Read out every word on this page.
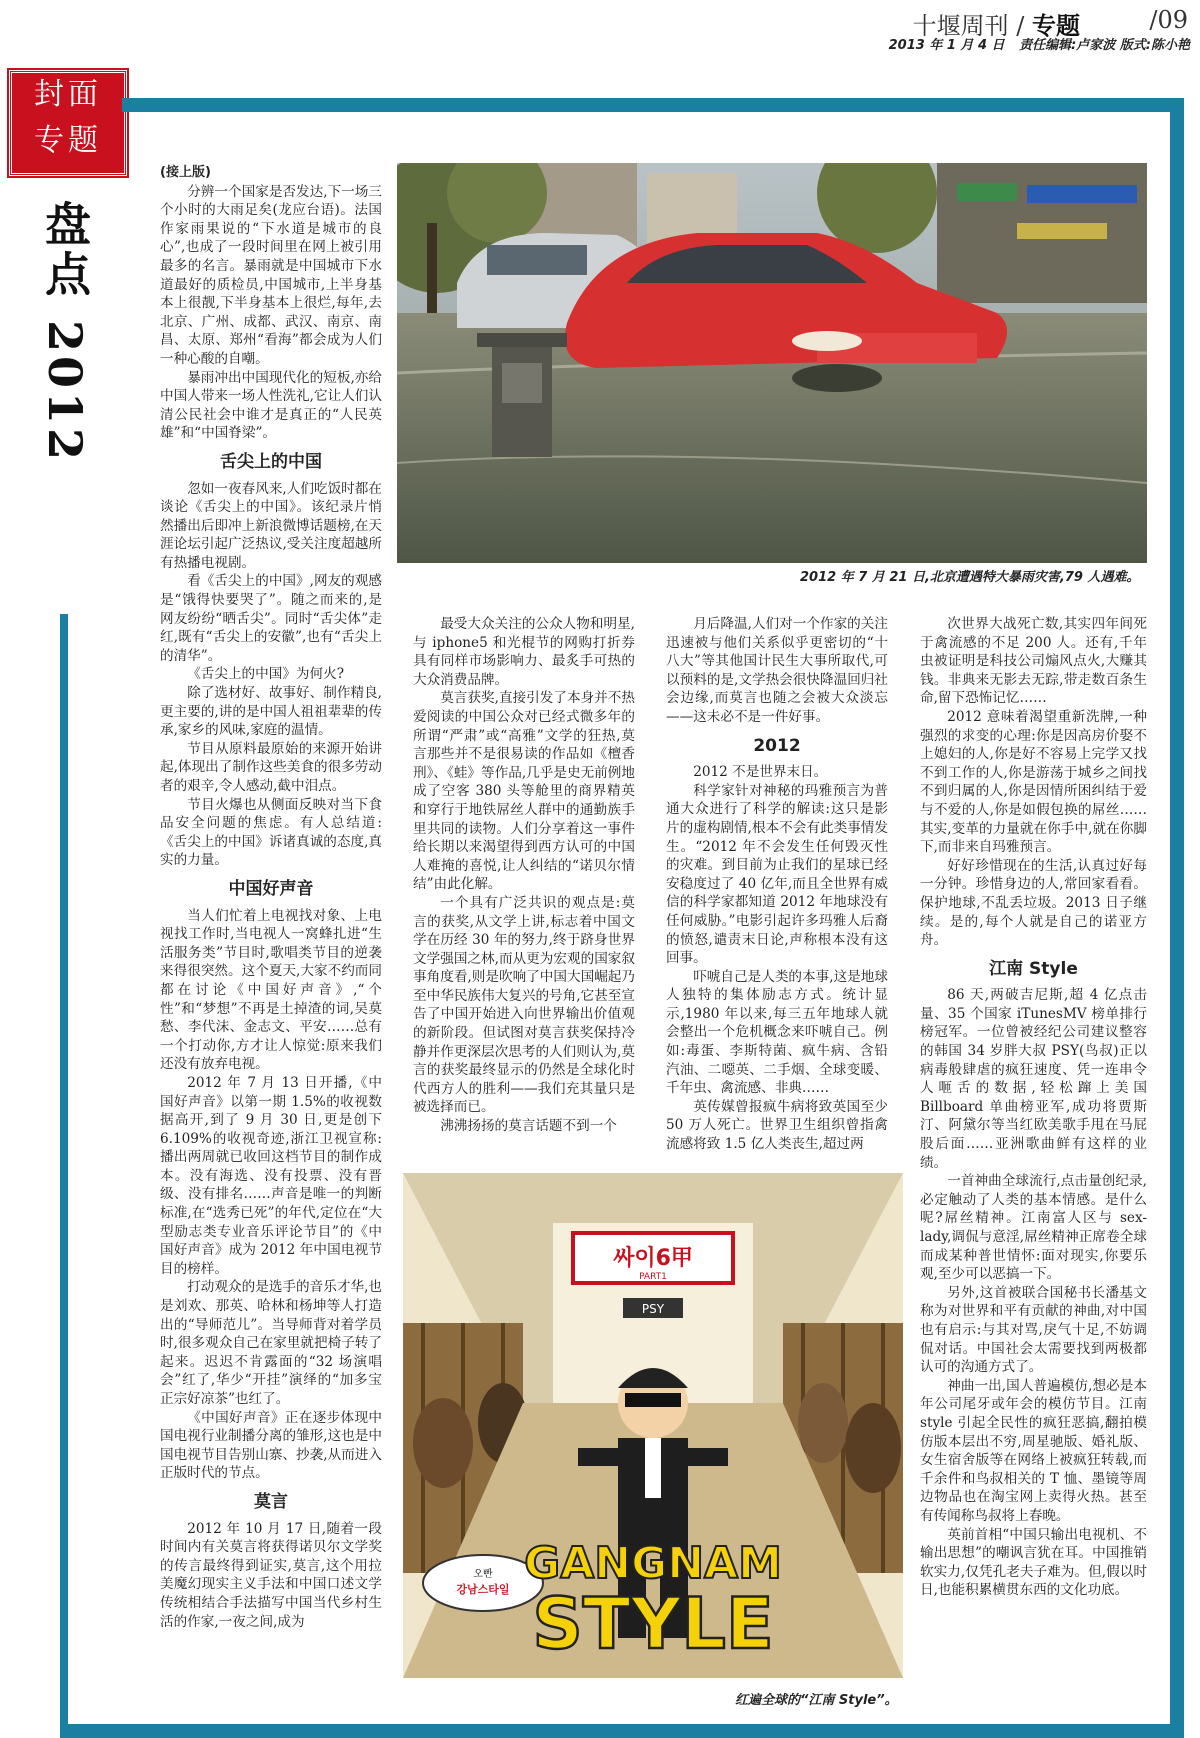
十堰周刊 / 专题	/09
2013 年 1 月 4 日 责任编辑:卢家波 版式:陈小艳
封面
专题
盘点 2012

(接上版)

分辨一个国家是否发达,下一场三个小时的大雨足矣(龙应台语)。法国作家雨果说的“下水道是城市的良心”,也成了一段时间里在网上被引用最多的名言。暴雨就是中国城市下水道最好的质检员,中国城市,上半身基本上很靓,下半身基本上很烂,每年,去北京、广州、成都、武汉、南京、南昌、太原、郑州“看海”都会成为人们一种心酸的自嘲。

暴雨冲出中国现代化的短板,亦给中国人带来一场人性洗礼,它让人们认清公民社会中谁才是真正的“人民英雄”和“中国脊梁”。

舌尖上的中国

忽如一夜春风来,人们吃饭时都在谈论《舌尖上的中国》。该纪录片悄然播出后即冲上新浪微博话题榜,在天涯论坛引起广泛热议,受关注度超越所有热播电视剧。

看《舌尖上的中国》,网友的观感是“饿得快要哭了”。随之而来的,是网友纷纷“晒舌尖”。同时“舌尖体”走红,既有“舌尖上的安徽”,也有“舌尖上的清华”。

《舌尖上的中国》为何火?

除了选材好、故事好、制作精良,更主要的,讲的是中国人祖祖辈辈的传承,家乡的风味,家庭的温情。

节目从原料最原始的来源开始讲起,体现出了制作这些美食的很多劳动者的艰辛,令人感动,截中泪点。

节目火爆也从侧面反映对当下食品安全问题的焦虑。有人总结道:《舌尖上的中国》诉诸真诚的态度,真实的力量。

中国好声音

当人们忙着上电视找对象、上电视找工作时,当电视人一窝蜂扎进“生活服务类”节目时,歌唱类节目的逆袭来得很突然。这个夏天,大家不约而同都在讨论《中国好声音》,“个性”和“梦想”不再是土掉渣的词,吴莫愁、李代沫、金志文、平安……总有一个打动你,方才让人惊觉:原来我们还没有放弃电视。

2012 年 7 月 13 日开播,《中国好声音》以第一期 1.5%的收视数据高开,到了 9 月 30 日,更是创下 6.109%的收视奇迹,浙江卫视宣称:播出两周就已收回这档节目的制作成本。没有海选、没有投票、没有晋级、没有排名……声音是唯一的判断标准,在“选秀已死”的年代,定位在“大型励志类专业音乐评论节目”的《中国好声音》成为 2012 年中国电视节目的榜样。

打动观众的是选手的音乐才华,也是刘欢、那英、哈林和杨坤等人打造出的“导师范儿”。当导师背对着学员时,很多观众自己在家里就把椅子转了起来。迟迟不肯露面的“32 场演唱会”红了,华少“开挂”演绎的“加多宝正宗好凉茶”也红了。

《中国好声音》正在逐步体现中国电视行业制播分离的雏形,这也是中国电视节目告别山寨、抄袭,从而进入正版时代的节点。

莫言

2012 年 10 月 17 日,随着一段时间内有关莫言将获得诺贝尔文学奖的传言最终得到证实,莫言,这个用拉美魔幻现实主义手法和中国口述文学传统相结合手法描写中国当代乡村生活的作家,一夜之间,成为

2012 年 7 月 21 日,北京遭遇特大暴雨灾害,79 人遇难。

最受大众关注的公众人物和明星,与 iphone5 和光棍节的网购打折券具有同样市场影响力、最炙手可热的大众消费品牌。

莫言获奖,直接引发了本身并不热爱阅读的中国公众对已经式微多年的所谓“严肃”或“高雅”文学的狂热,莫言那些并不是很易读的作品如《檀香刑》、《蛙》等作品,几乎是史无前例地成了空客 380 头等舱里的商界精英和穿行于地铁屌丝人群中的通勤族手里共同的读物。人们分享着这一事件给长期以来渴望得到西方认可的中国人难掩的喜悦,让人纠结的“诺贝尔情结”由此化解。

一个具有广泛共识的观点是:莫言的获奖,从文学上讲,标志着中国文学在历经 30 年的努力,终于跻身世界文学强国之林,而从更为宏观的国家叙事角度看,则是吹响了中国大国崛起乃至中华民族伟大复兴的号角,它甚至宣告了中国开始进入向世界输出价值观的新阶段。但试图对莫言获奖保持冷静并作更深层次思考的人们则认为,莫言的获奖最终显示的仍然是全球化时代西方人的胜利——我们充其量只是被选择而已。

沸沸扬扬的莫言话题不到一个

月后降温,人们对一个作家的关注迅速被与他们关系似乎更密切的“十八大”等其他国计民生大事所取代,可以预料的是,文学热会很快降温回归社会边缘,而莫言也随之会被大众淡忘——这未必不是一件好事。

2012

2012 不是世界末日。

科学家针对神秘的玛雅预言为普通大众进行了科学的解读:这只是影片的虚构剧情,根本不会有此类事情发生。“2012 年不会发生任何毁灭性的灾难。到目前为止我们的星球已经安稳度过了 40 亿年,而且全世界有威信的科学家都知道 2012 年地球没有任何威胁。”电影引起许多玛雅人后裔的愤怒,谴责末日论,声称根本没有这回事。

吓唬自己是人类的本事,这是地球人独特的集体励志方式。统计显示,1980 年以来,每三五年地球人就会整出一个危机概念来吓唬自己。例如:毒蛋、李斯特菌、疯牛病、含铅汽油、二噁英、二手烟、全球变暖、千年虫、禽流感、非典……

英传媒曾报疯牛病将致英国至少 50 万人死亡。世界卫生组织曾指禽流感将致 1.5 亿人类丧生,超过两

次世界大战死亡数,其实四年间死于禽流感的不足 200 人。还有,千年虫被证明是科技公司煽风点火,大赚其钱。非典来无影去无踪,带走数百条生命,留下恐怖记忆……

2012 意味着渴望重新洗牌,一种强烈的求变的心理:你是因高房价娶不上媳妇的人,你是好不容易上完学又找不到工作的人,你是游荡于城乡之间找不到归属的人,你是因情所困纠结于爱与不爱的人,你是如假包换的屌丝……其实,变革的力量就在你手中,就在你脚下,而非来自玛雅预言。

好好珍惜现在的生活,认真过好每一分钟。珍惜身边的人,常回家看看。保护地球,不乱丢垃圾。2013 日子继续。是的,每个人就是自己的诺亚方舟。

江南 Style

86 天,两破吉尼斯,超 4 亿点击量、35 个国家 iTunesMV 榜单排行榜冠军。一位曾被经纪公司建议整容的韩国 34 岁胖大叔 PSY(鸟叔)正以病毒般肆虐的疯狂速度、凭一连串令人咂舌的数据,轻松蹿上美国 Billboard 单曲榜亚军,成功将贾斯汀、阿黛尔等当红欧美歌手甩在马屁股后面……亚洲歌曲鲜有这样的业绩。

一首神曲全球流行,点击量创纪录,必定触动了人类的基本情感。是什么呢?屌丝精神。江南富人区与 sex-lady,调侃与意淫,屌丝精神正席卷全球而成某种普世情怀:面对现实,你要乐观,至少可以恶搞一下。

另外,这首被联合国秘书长潘基文称为对世界和平有贡献的神曲,对中国也有启示:与其对骂,戾气十足,不妨调侃对话。中国社会太需要找到两极都认可的沟通方式了。

神曲一出,国人普遍模仿,想必是本年公司尾牙或年会的模仿节目。江南 style 引起全民性的疯狂恶搞,翻拍模仿版本层出不穷,周星驰版、婚礼版、女生宿舍版等在网络上被疯狂转载,而千余件和鸟叔相关的 T 恤、墨镜等周边物品也在淘宝网上卖得火热。甚至有传闻称鸟叔将上春晚。

英前首相“中国只输出电视机、不输出思想”的嘲讽言犹在耳。中国推销软实力,仅凭孔老夫子难为。但,假以时日,也能积累横贯东西的文化功底。

싸이6甲
PART1
PSY
오빤
강남스타일
GANGNAM
STYLE
红遍全球的“江南 Style”。
